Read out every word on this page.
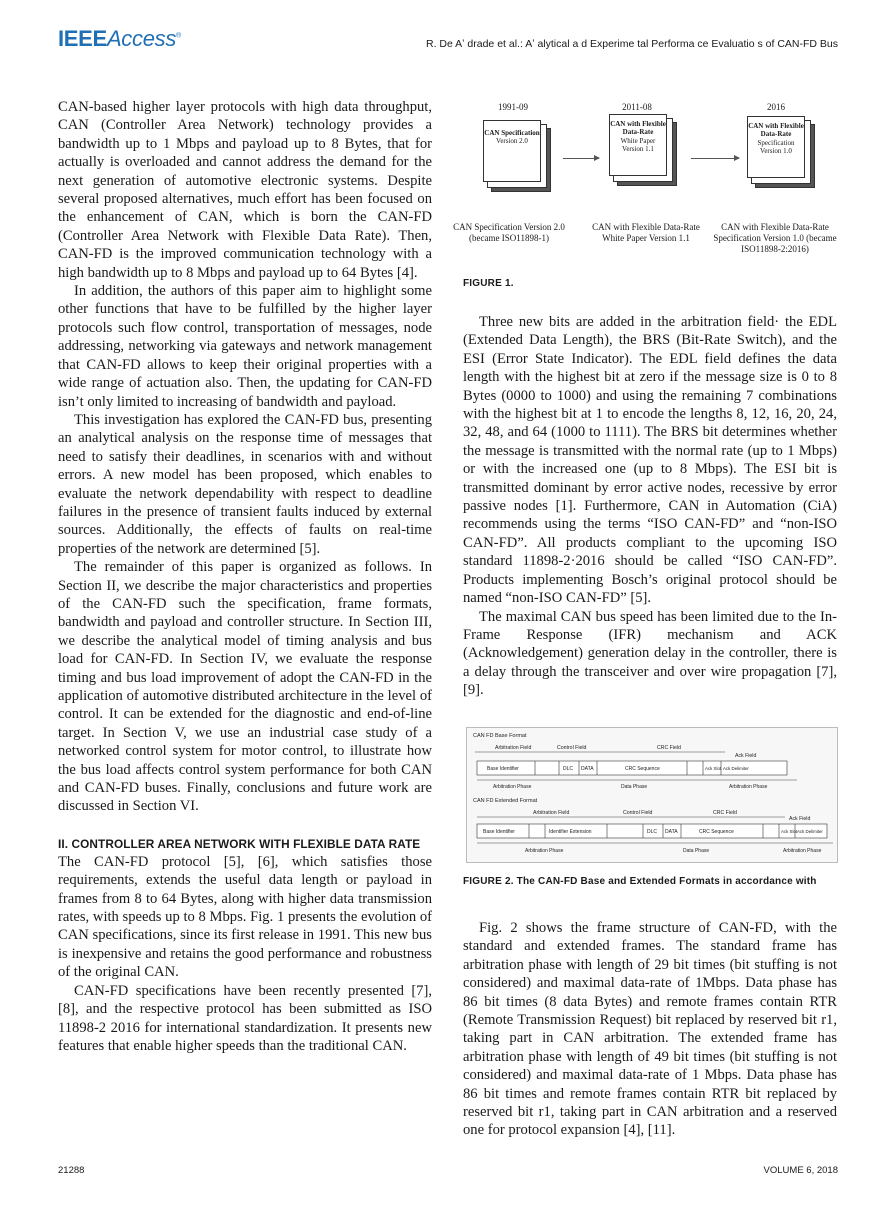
IEEEAccess®
R. De Aʼ drade et al.: Aʼ alytical a d Experime tal Performa ce Evaluatio s of CAN-FD Bus

CAN-based higher layer protocols with high data throughput, CAN (Controller Area Network) technology provides a bandwidth up to 1 Mbps and payload up to 8 Bytes, that for actually is overloaded and cannot address the demand for the next generation of automotive electronic systems. Despite several proposed alternatives, much effort has been focused on the enhancement of CAN, which is born the CAN-FD (Controller Area Network with Flexible Data Rate). Then, CAN-FD is the improved communication technology with a high bandwidth up to 8 Mbps and payload up to 64 Bytes [4].

In addition, the authors of this paper aim to highlight some other functions that have to be fulfilled by the higher layer protocols such flow control, transportation of messages, node addressing, networking via gateways and network management that CAN-FD allows to keep their original properties with a wide range of actuation also. Then, the updating for CAN-FD isn’t only limited to increasing of bandwidth and payload.

This investigation has explored the CAN-FD bus, presenting an analytical analysis on the response time of messages that need to satisfy their deadlines, in scenarios with and without errors. A new model has been proposed, which enables to evaluate the network dependability with respect to deadline failures in the presence of transient faults induced by external sources. Additionally, the effects of faults on real-time properties of the network are determined [5].

The remainder of this paper is organized as follows. In Section II, we describe the major characteristics and properties of the CAN-FD such the specification, frame formats, bandwidth and payload and controller structure. In Section III, we describe the analytical model of timing analysis and bus load for CAN-FD. In Section IV, we evaluate the response timing and bus load improvement of adopt the CAN-FD in the application of automotive distributed architecture in the level of control. It can be extended for the diagnostic and end-of-line target. In Section V, we use an industrial case study of a networked control system for motor control, to illustrate how the bus load affects control system performance for both CAN and CAN-FD buses. Finally, conclusions and future work are discussed in Section VI.

II. CONTROLLER AREA NETWORK WITH FLEXIBLE DATA RATE

The CAN-FD protocol [5], [6], which satisfies those requirements, extends the useful data length or payload in frames from 8 to 64 Bytes, along with higher data transmission rates, with speeds up to 8 Mbps. Fig. 1 presents the evolution of CAN specifications, since its first release in 1991. This new bus is inexpensive and retains the good performance and robustness of the original CAN.

CAN-FD specifications have been recently presented [7], [8], and the respective protocol has been submitted as ISO 11898-2 2016 for international standardization. It presents new features that enable higher speeds than the traditional CAN.

1991-09	2011-08	2016
CAN Specification
Version 2.0
CAN with Flexible Data-Rate
White Paper Version 1.1
CAN with Flexible Data-Rate
Specification Version 1.0
CAN Specification Version 2.0 (became ISO11898-1)
CAN with Flexible Data-Rate White Paper Version 1.1
CAN with Flexible Data-Rate Specification Version 1.0 (became ISO11898-2:2016)
FIGURE 1.

Three new bits are added in the arbitration field· the EDL (Extended Data Length), the BRS (Bit-Rate Switch), and the ESI (Error State Indicator). The EDL field defines the data length with the highest bit at zero if the message size is 0 to 8 Bytes (0000 to 1000) and using the remaining 7 combinations with the highest bit at 1 to encode the lengths 8, 12, 16, 20, 24, 32, 48, and 64 (1000 to 1111). The BRS bit determines whether the message is transmitted with the normal rate (up to 1 Mbps) or with the increased one (up to 8 Mbps). The ESI bit is transmitted dominant by error active nodes, recessive by error passive nodes [1]. Furthermore, CAN in Automation (CiA) recommends using the terms “ISO CAN-FD” and “non-ISO CAN-FD”. All products compliant to the upcoming ISO standard 11898-2·2016 should be called “ISO CAN-FD”. Products implementing Bosch’s original protocol should be named “non-ISO CAN-FD” [5].

The maximal CAN bus speed has been limited due to the In-Frame Response (IFR) mechanism and ACK (Acknowledgement) generation delay in the controller, there is a delay through the transceiver and over wire propagation [7], [9].

CAN FD Base Format
Arbitration Field	Control Field	CRC Field
Ack Field
Base Identifier	DLC DATA	CRC Sequence	Ack Slot Ack Delimiter
Arbitration Phase	Data Phase	Arbitration Phase
CAN FD Extended Format
Arbitration Field	Control Field	CRC Field
Ack Field
Base Identifier	Identifier Extension	DLC DATA	CRC Sequence	Ack Slot Ack Delimiter
Arbitration Phase	Data Phase	Arbitration Phase
FIGURE 2. The CAN-FD Base and Extended Formats in accordance with

Fig. 2 shows the frame structure of CAN-FD, with the standard and extended frames. The standard frame has arbitration phase with length of 29 bit times (bit stuffing is not considered) and maximal data-rate of 1Mbps. Data phase has 86 bit times (8 data Bytes) and remote frames contain RTR (Remote Transmission Request) bit replaced by reserved bit r1, taking part in CAN arbitration. The extended frame has arbitration phase with length of 49 bit times (bit stuffing is not considered) and maximal data-rate of 1 Mbps. Data phase has 86 bit times and remote frames contain RTR bit replaced by reserved bit r1, taking part in CAN arbitration and a reserved one for protocol expansion [4], [11].

21288	VOLUME 6, 2018
